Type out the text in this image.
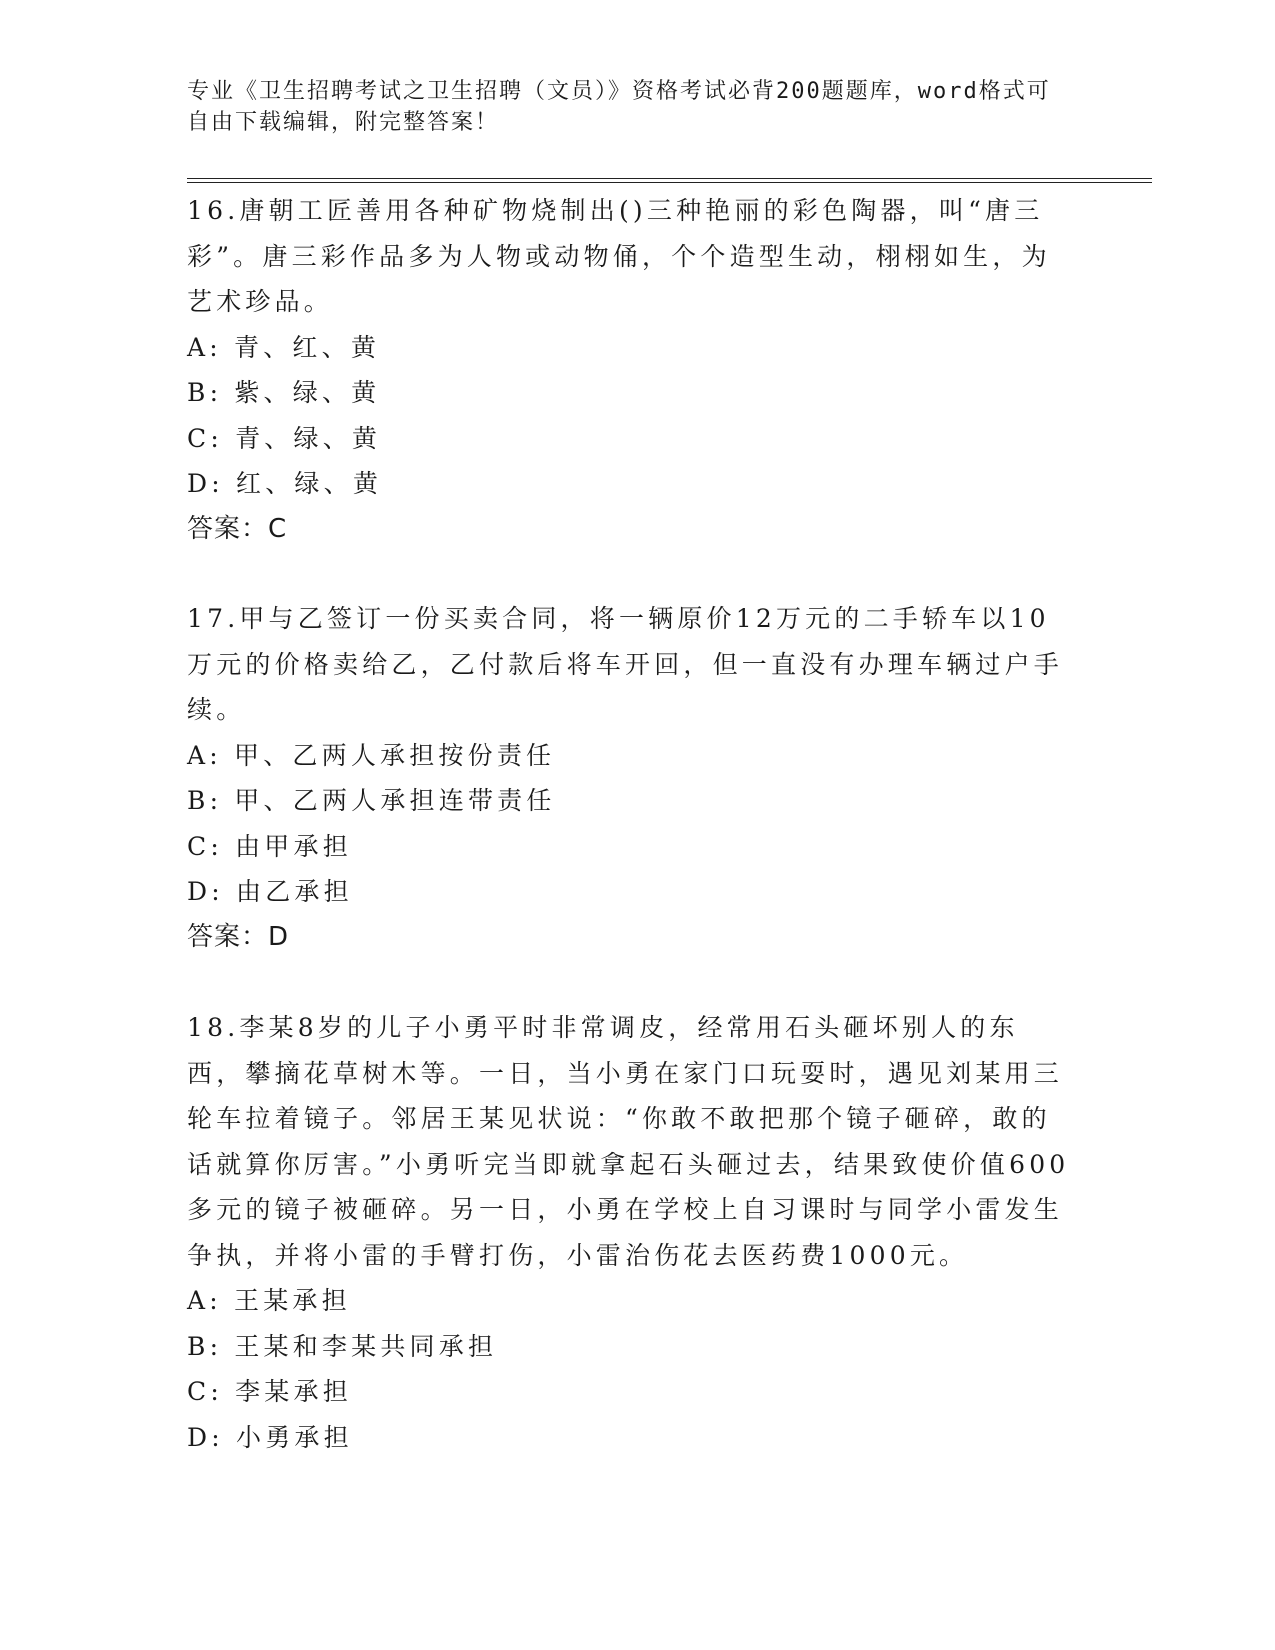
专业《卫生招聘考试之卫生招聘（文员）》资格考试必背200题题库，word格式可自由下载编辑，附完整答案！

16.唐朝工匠善用各种矿物烧制出()三种艳丽的彩色陶器，叫“唐三彩”。唐三彩作品多为人物或动物俑，个个造型生动，栩栩如生，为艺术珍品。

A: 青、红、黄

B: 紫、绿、黄

C: 青、绿、黄

D: 红、绿、黄

答案：C

17.甲与乙签订一份买卖合同，将一辆原价12万元的二手轿车以10万元的价格卖给乙，乙付款后将车开回，但一直没有办理车辆过户手续。

A: 甲、乙两人承担按份责任

B: 甲、乙两人承担连带责任

C: 由甲承担

D: 由乙承担

答案：D

18.李某8岁的儿子小勇平时非常调皮，经常用石头砸坏别人的东西，攀摘花草树木等。一日，当小勇在家门口玩耍时，遇见刘某用三轮车拉着镜子。邻居王某见状说：“你敢不敢把那个镜子砸碎，敢的话就算你厉害。”小勇听完当即就拿起石头砸过去，结果致使价值600多元的镜子被砸碎。另一日，小勇在学校上自习课时与同学小雷发生争执，并将小雷的手臂打伤，小雷治伤花去医药费1000元。

A: 王某承担

B: 王某和李某共同承担

C: 李某承担

D: 小勇承担
